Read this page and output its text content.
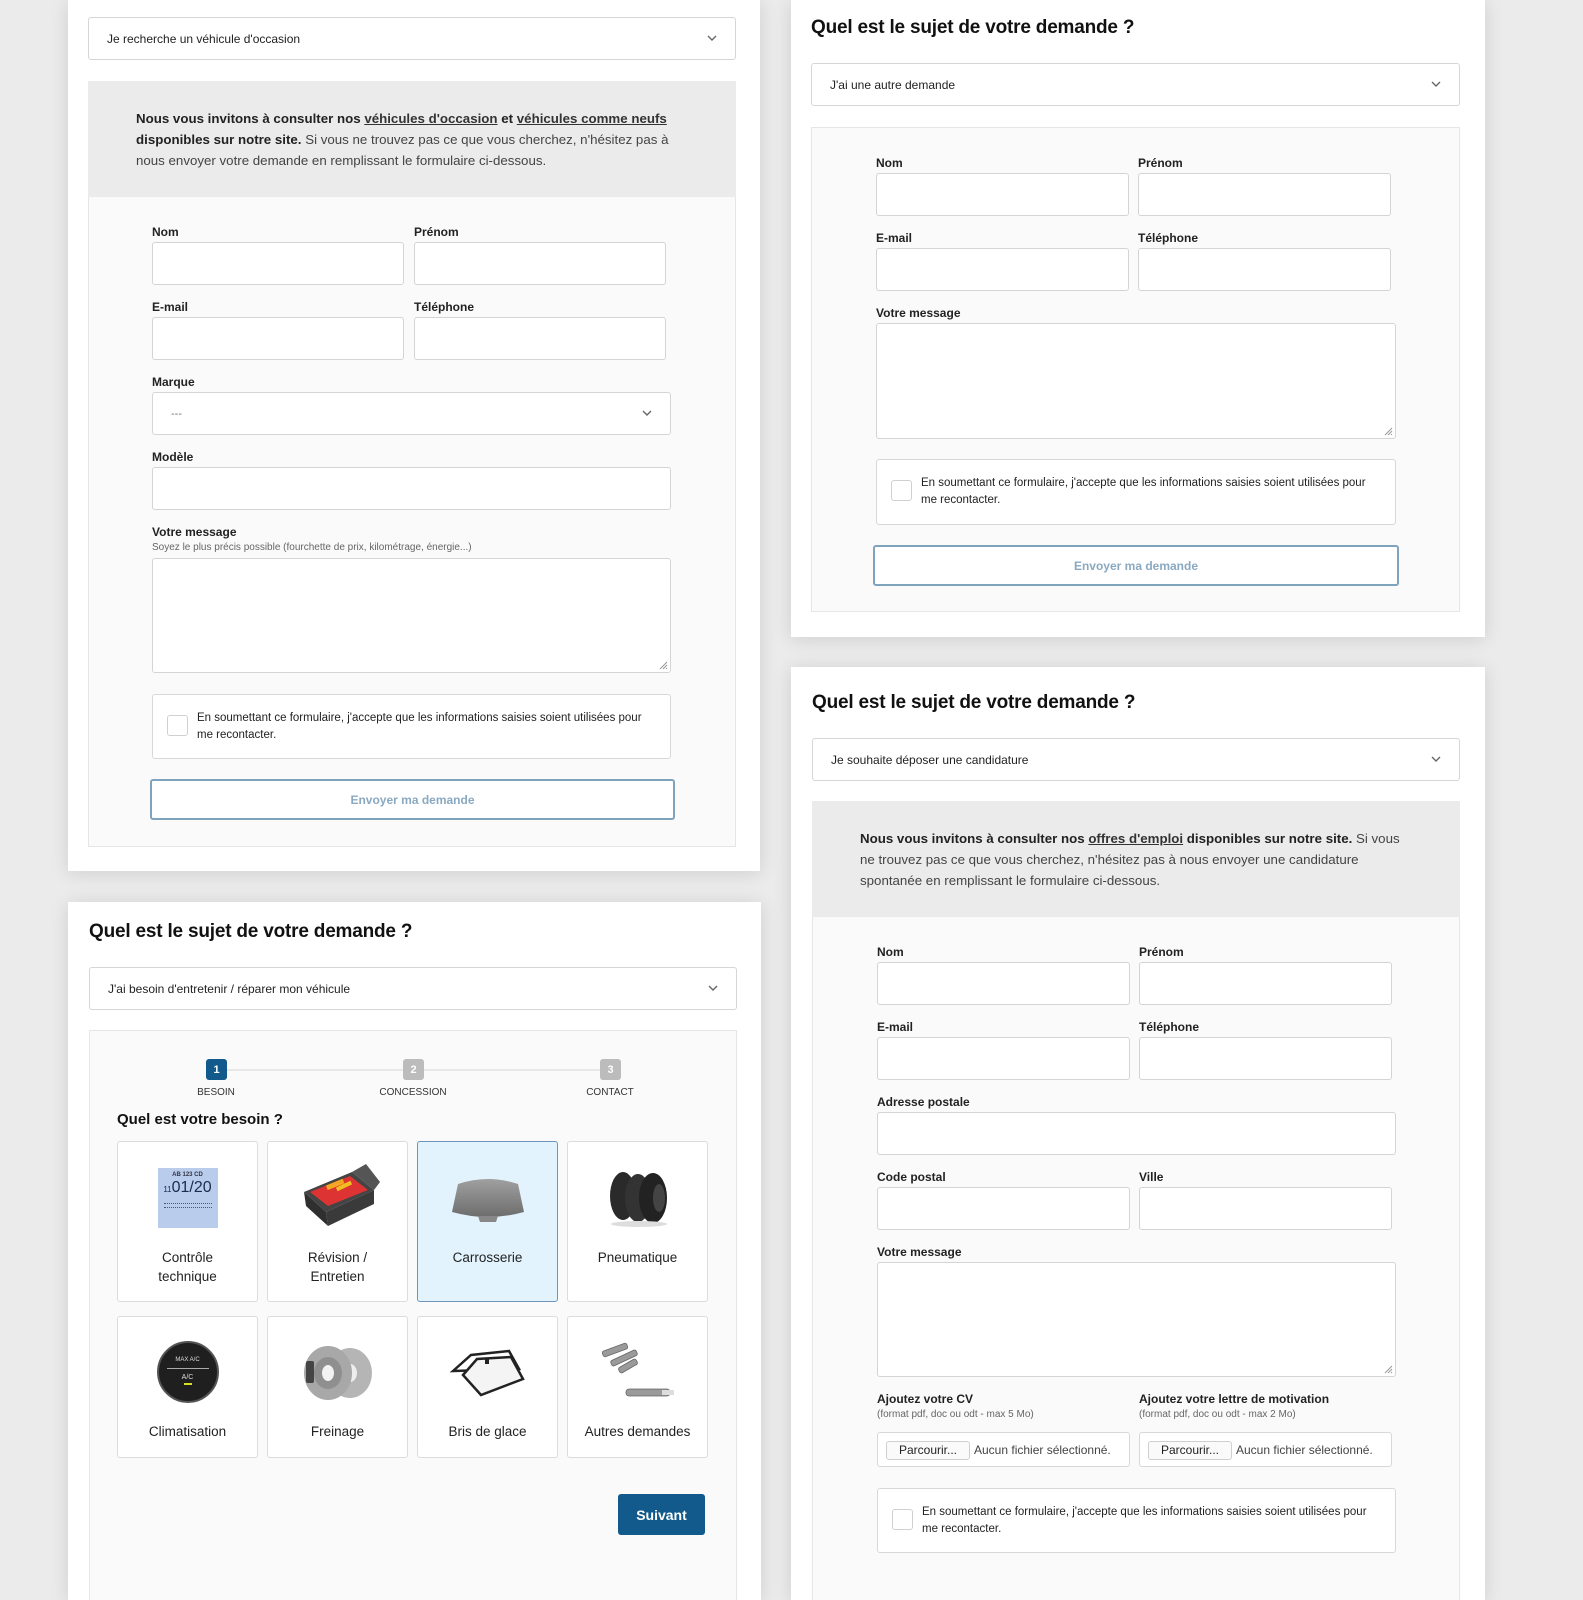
Je recherche un véhicule d'occasion
Nous vous invitons à consulter nos véhicules d'occasion et véhicules comme neufs disponibles sur notre site. Si vous ne trouvez pas ce que vous cherchez, n'hésitez pas à nous envoyer votre demande en remplissant le formulaire ci-dessous.
Nom	Prénom
E-mail	Téléphone
Marque
---
Modèle
Votre message
Soyez le plus précis possible (fourchette de prix, kilométrage, énergie...)
En soumettant ce formulaire, j'accepte que les informations saisies soient utilisées pour me recontacter.
Envoyer ma demande
Quel est le sujet de votre demande ?
J'ai une autre demande
Nom	Prénom
E-mail	Téléphone
Votre message
En soumettant ce formulaire, j'accepte que les informations saisies soient utilisées pour me recontacter.
Envoyer ma demande
Quel est le sujet de votre demande ?
J'ai besoin d'entretenir / réparer mon véhicule
1
BESOIN
2
CONCESSION
3
CONTACT
Quel est votre besoin ?
AB 123 CD
1101/20
Contrôle technique
Révision / Entretien
Carrosserie	Pneumatique
MAX A/C
A/C
Climatisation	Freinage	Bris de glace	Autres demandes
Suivant
Quel est le sujet de votre demande ?
Je souhaite déposer une candidature
Nous vous invitons à consulter nos offres d'emploi disponibles sur notre site. Si vous ne trouvez pas ce que vous cherchez, n'hésitez pas à nous envoyer une candidature spontanée en remplissant le formulaire ci-dessous.
Nom	Prénom
E-mail	Téléphone
Adresse postale
Code postal	Ville
Votre message
Ajoutez votre CV
(format pdf, doc ou odt - max 5 Mo)
Parcourir...	Aucun fichier sélectionné.
Ajoutez votre lettre de motivation
(format pdf, doc ou odt - max 2 Mo)
Parcourir...	Aucun fichier sélectionné.
En soumettant ce formulaire, j'accepte que les informations saisies soient utilisées pour me recontacter.
